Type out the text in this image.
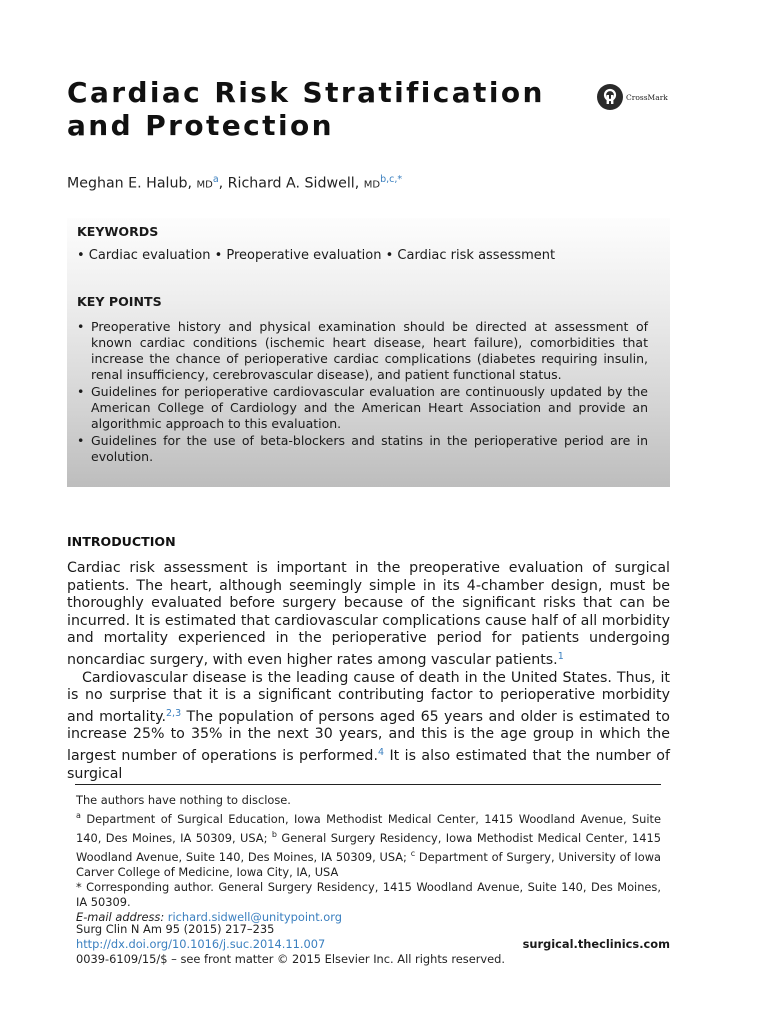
Cardiac Risk Stratification
and Protection
CrossMark

Meghan E. Halub, $MD^a$, Richard A. Sidwell, $MD^{b,c,*}$

KEYWORDS

• Cardiac evaluation • Preoperative evaluation • Cardiac risk assessment

KEY POINTS

• Preoperative history and physical examination should be directed at assessment of known cardiac conditions (ischemic heart disease, heart failure), comorbidities that increase the chance of perioperative cardiac complications (diabetes requiring insulin, renal insufficiency, cerebrovascular disease), and patient functional status.
• Guidelines for perioperative cardiovascular evaluation are continuously updated by the American College of Cardiology and the American Heart Association and provide an algorithmic approach to this evaluation.
• Guidelines for the use of beta-blockers and statins in the perioperative period are in evolution.

INTRODUCTION

Cardiac risk assessment is important in the preoperative evaluation of surgical patients. The heart, although seemingly simple in its 4-chamber design, must be thoroughly evaluated before surgery because of the significant risks that can be incurred. It is estimated that cardiovascular complications cause half of all morbidity and mortality experienced in the perioperative period for patients undergoing noncardiac surgery, with even higher rates among vascular patients.$^1$

Cardiovascular disease is the leading cause of death in the United States. Thus, it is no surprise that it is a significant contributing factor to perioperative morbidity and mortality.$^{2,3}$ The population of persons aged 65 years and older is estimated to increase 25% to 35% in the next 30 years, and this is the age group in which the largest number of operations is performed.$^4$ It is also estimated that the number of surgical

The authors have nothing to disclose.

$^a$ Department of Surgical Education, Iowa Methodist Medical Center, 1415 Woodland Avenue, Suite 140, Des Moines, IA 50309, USA; $^b$ General Surgery Residency, Iowa Methodist Medical Center, 1415 Woodland Avenue, Suite 140, Des Moines, IA 50309, USA; $^c$ Department of Surgery, University of Iowa Carver College of Medicine, Iowa City, IA, USA

* Corresponding author. General Surgery Residency, 1415 Woodland Avenue, Suite 140, Des Moines, IA 50309.

E-mail address: richard.sidwell@unitypoint.org

Surg Clin N Am 95 (2015) 217–235

http://dx.doi.org/10.1016/j.suc.2014.11.007	surgical.theclinics.com

0039-6109/15/$ – see front matter © 2015 Elsevier Inc. All rights reserved.
